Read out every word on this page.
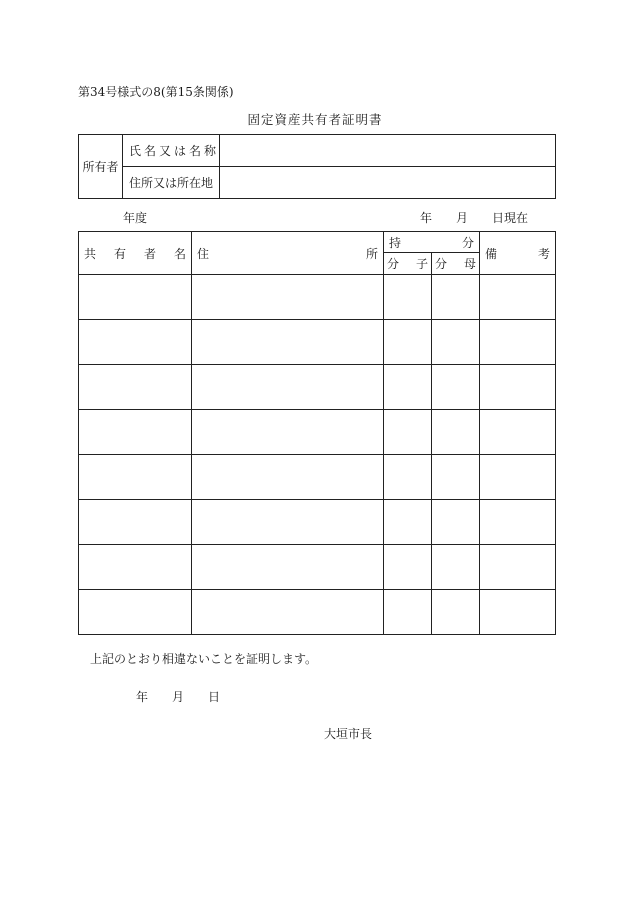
第34号様式の8(第15条関係)
固定資産共有者証明書
所有者	氏名又は名称	
	住所又は所在地	
年度	年 月 日現在
共 有 者 名	住 所	持 分		備 考

		分 子	分 母	

上記のとおり相違ないことを証明します。
年 月 日
大垣市長
